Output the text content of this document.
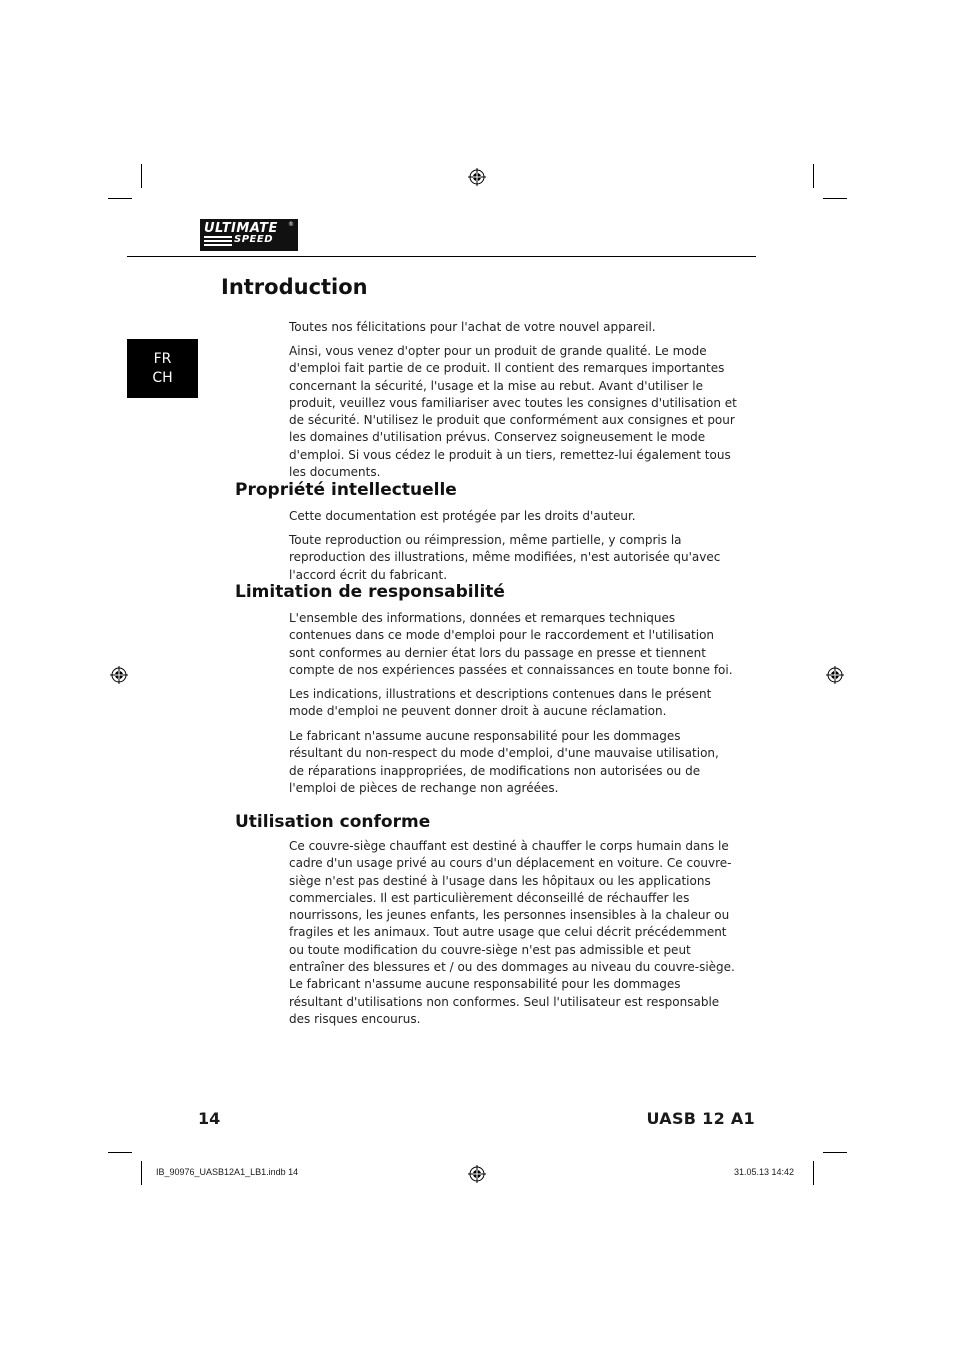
ULTIMATE
SPEED
®
FR
CH
Introduction

Toutes nos félicitations pour l'achat de votre nouvel appareil.

Ainsi, vous venez d'opter pour un produit de grande qualité. Le mode d'emploi fait partie de ce produit. Il contient des remarques importantes concernant la sécurité, l'usage et la mise au rebut. Avant d'utiliser le produit, veuillez vous familiariser avec toutes les consignes d'utilisation et de sécurité. N'utilisez le produit que conformément aux consignes et pour les domaines d'utilisation prévus. Conservez soigneusement le mode d'emploi. Si vous cédez le produit à un tiers, remettez-lui également tous les documents.

Propriété intellectuelle

Cette documentation est protégée par les droits d'auteur.

Toute reproduction ou réimpression, même partielle, y compris la reproduction des illustrations, même modifiées, n'est autorisée qu'avec l'accord écrit du fabricant.

Limitation de responsabilité

L'ensemble des informations, données et remarques techniques contenues dans ce mode d'emploi pour le raccordement et l'utilisation sont conformes au dernier état lors du passage en presse et tiennent compte de nos expériences passées et connaissances en toute bonne foi.

Les indications, illustrations et descriptions contenues dans le présent mode d'emploi ne peuvent donner droit à aucune réclamation.

Le fabricant n'assume aucune responsabilité pour les dommages résultant du non-respect du mode d'emploi, d'une mauvaise utilisation, de réparations inappropriées, de modifications non autorisées ou de l'emploi de pièces de rechange non agréées.

Utilisation conforme

Ce couvre-siège chauffant est destiné à chauffer le corps humain dans le cadre d'un usage privé au cours d'un déplacement en voiture. Ce couvre-siège n'est pas destiné à l'usage dans les hôpitaux ou les applications commerciales. Il est particulièrement déconseillé de réchauffer les nourrissons, les jeunes enfants, les personnes insensibles à la chaleur ou fragiles et les animaux. Tout autre usage que celui décrit précédemment ou toute modification du couvre-siège n'est pas admissible et peut entraîner des blessures et / ou des dommages au niveau du couvre-siège. Le fabricant n'assume aucune responsabilité pour les dommages résultant d'utilisations non conformes. Seul l'utilisateur est responsable des risques encourus.

14	UASB 12 A1
IB_90976_UASB12A1_LB1.indb 14	31.05.13 14:42
